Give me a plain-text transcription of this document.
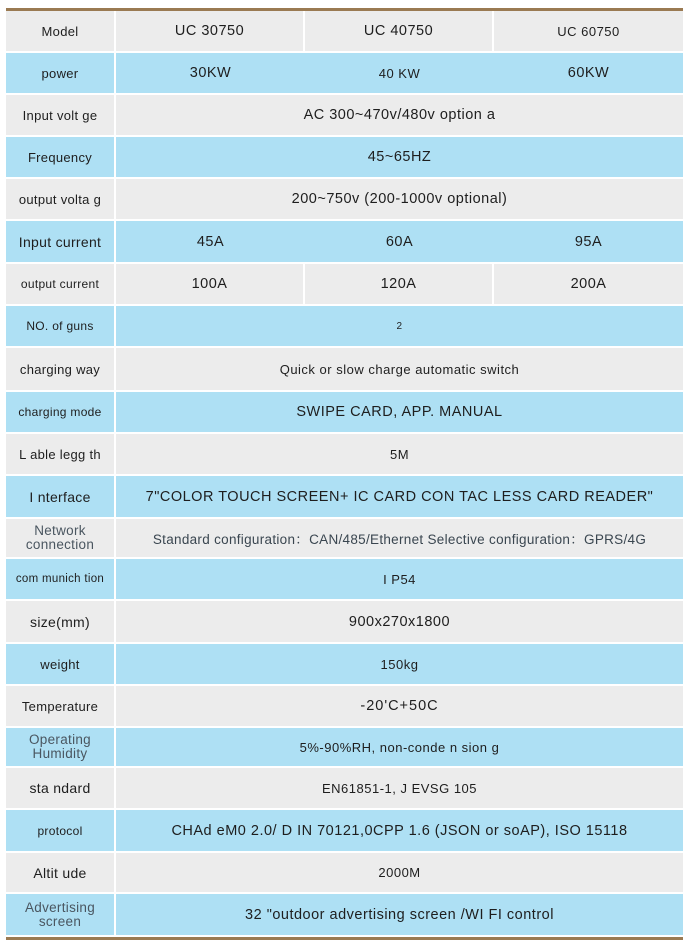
Model	UC 30750	UC 40750	UC 60750
power	30KW	40 KW	60KW
Input volt ge	AC 300~470v/480v option a		
Frequency	45~65HZ		
output volta g	200~750v (200-1000v optional)		
Input current	45A	60A	95A
output current	100A	120A	200A
NO. of guns	2		
charging way	Quick or slow charge automatic switch		
charging mode	SWIPE CARD, APP. MANUAL		
L able legg th	5M		
I nterface	7"COLOR TOUCH SCREEN+ IC CARD CON TAC LESS CARD READER"		
Network connection	Standard configuration：CAN/485/Ethernet Selective configuration：GPRS/4G		
com munich tion	I P54		
size(mm)	900x270x1800		
weight	150kg		
Temperature	-20'C+50C		
Operating Humidity	5%-90%RH, non-conde n sion g		
sta ndard	EN61851-1, J EVSG 105		
protocol	CHAd eM0 2.0/ D IN 70121,0CPP 1.6 (JSON or soAP), ISO 15118		
Altit ude	2000M		
Advertising screen	32 "outdoor advertising screen /WI FI control		
